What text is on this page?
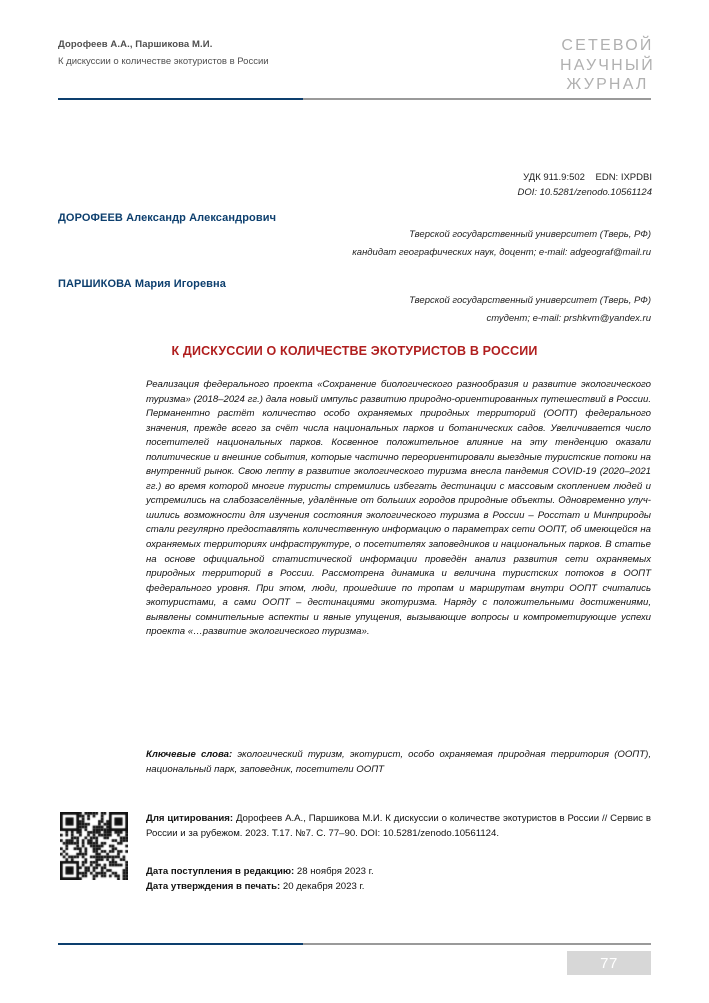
Дорофеев А.А., Паршикова М.И.
К дискуссии о количестве экотуристов в России
СЕТЕВОЙ
НАУЧНЫЙ
ЖУРНАЛ
УДК 911.9:502 EDN: IXPDBI
DOI: 10.5281/zenodo.10561124
ДОРОФЕЕВ Александр Александрович
Тверской государственный университет (Тверь, РФ)
кандидат географических наук, доцент; e-mail: adgeograf@mail.ru
ПАРШИКОВА Мария Игоревна
Тверской государственный университет (Тверь, РФ)
студент; e-mail: prshkvm@yandex.ru
К ДИСКУССИИ О КОЛИЧЕСТВЕ ЭКОТУРИСТОВ В РОССИИ
Реализация федерального проекта «Сохранение биологического разнообразия и развитие экологического туризма» (2018–2024 гг.) дала новый импульс развитию природно-ориентированных путешествий в России. Перманентно растёт количество особо охраняемых природных территорий (ООПТ) федерального значения, прежде всего за счёт числа национальных парков и ботанических садов. Увеличивается число посетителей национальных парков. Косвенное положительное влияние на эту тенденцию оказали политические и внешние события, которые частично переориентировали выездные туристские потоки на внутренний рынок. Свою лепту в развитие экологического туризма внесла пандемия COVID-19 (2020–2021 гг.) во время которой многие туристы стремились избегать дестинации с массовым скоплением людей и устремились на слабозаселённые, удалённые от больших городов природные объекты. Одновременно улучшились возможности для изучения состояния экологического туризма в России – Росстат и Минприроды стали регулярно предоставлять количественную информацию о параметрах сети ООПТ, об имеющейся на охраняемых территориях инфраструктуре, о посетителях заповедников и национальных парков. В статье на основе официальной статистической информации проведён анализ развития сети охраняемых природных территорий в России. Рассмотрена динамика и величина туристских потоков в ООПТ федерального уровня. При этом, люди, прошедшие по тропам и маршрутам внутри ООПТ считались экотуристами, а сами ООПТ – дестинациями экотуризма. Наряду с положительными достижениями, выявлены сомнительные аспекты и явные упущения, вызывающие вопросы и компрометирующие успехи проекта «…развитие экологического туризма».
Ключевые слова: экологический туризм, экотурист, особо охраняемая природная территория (ООПТ), национальный парк, заповедник, посетители ООПТ
Для цитирования: Дорофеев А.А., Паршикова М.И. К дискуссии о количестве экотуристов в России // Сервис в России и за рубежом. 2023. Т.17. №7. С. 77–90. DOI: 10.5281/zenodo.10561124.
Дата поступления в редакцию: 28 ноября 2023 г.
Дата утверждения в печать: 20 декабря 2023 г.
77
